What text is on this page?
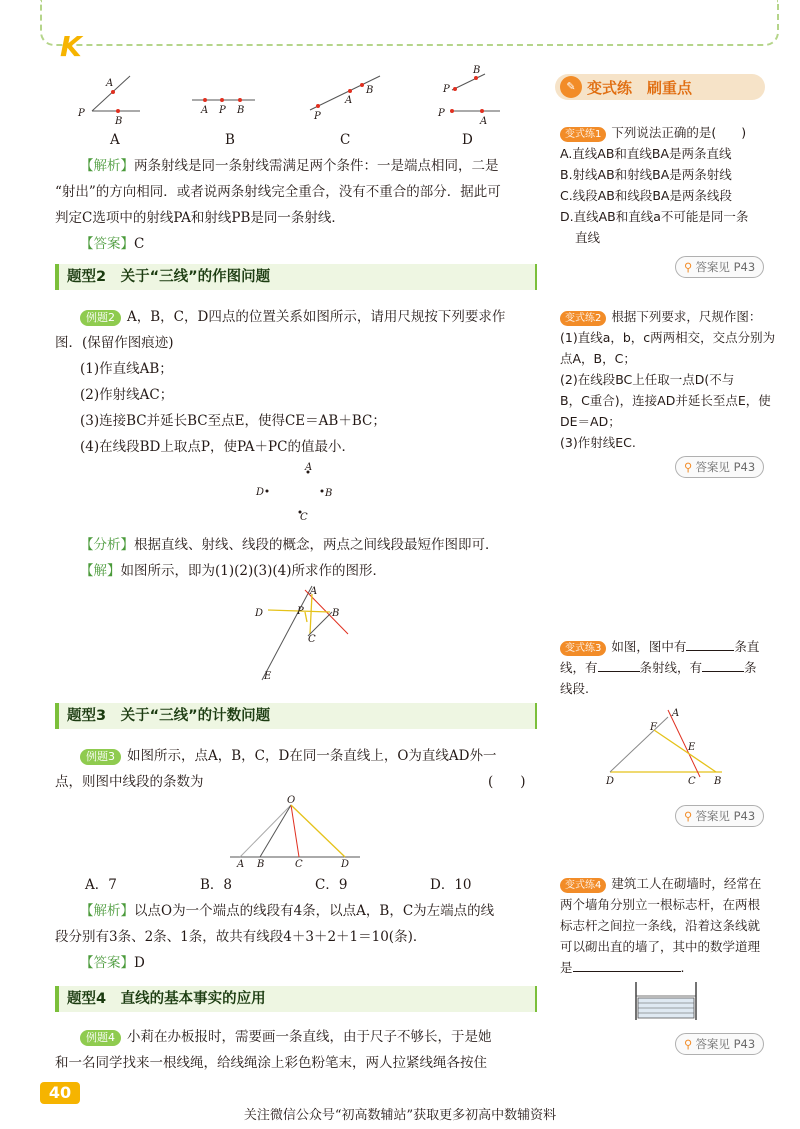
K
P
A
B
A P B
P
A
B	P
B
P
A
A	B	C	D
【解析】两条射线是同一条射线需满足两个条件：一是端点相同，二是
“射出”的方向相同．或者说两条射线完全重合，没有不重合的部分．据此可
判定C选项中的射线PA和射线PB是同一条射线．
【答案】C
题型2　关于“三线”的作图问题
例题2 A，B，C，D四点的位置关系如图所示，请用尺规按下列要求作
图．(保留作图痕迹)
(1)作直线AB；
(2)作射线AC；
(3)连接BC并延长BC至点E，使得CE＝AB＋BC；
(4)在线段BD上取点P，使PA＋PC的值最小．
A
D	B
C
【分析】根据直线、射线、线段的概念，两点之间线段最短作图即可．
【解】如图所示，即为(1)(2)(3)(4)所求作的图形．
A
D	B
P
C
E
题型3　关于“三线”的计数问题
例题3 如图所示，点A，B，C，D在同一条直线上，O为直线AD外一
点，则图中线段的条数为	(　　)
O
A B	C	D
A．7	B．8	C．9	D．10
【解析】以点O为一个端点的线段有4条，以点A，B，C为左端点的线
段分别有3条、2条、1条，故共有线段4＋3＋2＋1＝10(条)．
【答案】D
题型4　直线的基本事实的应用
例题4 小莉在办板报时，需要画一条直线，由于尺子不够长，于是她
和一名同学找来一根线绳，给线绳涂上彩色粉笔末，两人拉紧线绳各按住
✎ 变式练　刷重点
变式练1 下列说法正确的是(　　)
A.直线AB和直线BA是两条直线
B.射线AB和射线BA是两条射线
C.线段AB和线段BA是两条线段
D.直线AB和直线a不可能是同一条
直线
⚲ 答案见 P43
变式练2 根据下列要求，尺规作图：
(1)直线a，b，c两两相交，交点分别为
点A，B，C；
(2)在线段BC上任取一点D(不与
B，C重合)，连接AD并延长至点E，使
DE＝AD；
(3)作射线EC.
⚲ 答案见 P43
变式练3 如图，图中有	条直
线，有	条射线，有	条
线段.
A
F
E
D	C B
⚲ 答案见 P43
变式练4 建筑工人在砌墙时，经常在
两个墙角分别立一根标志杆，在两根
标志杆之间拉一条线，沿着这条线就
可以砌出直的墙了，其中的数学道理
是	.
⚲ 答案见 P43
40
关注微信公众号“初高数辅站”获取更多初高中数辅资料
